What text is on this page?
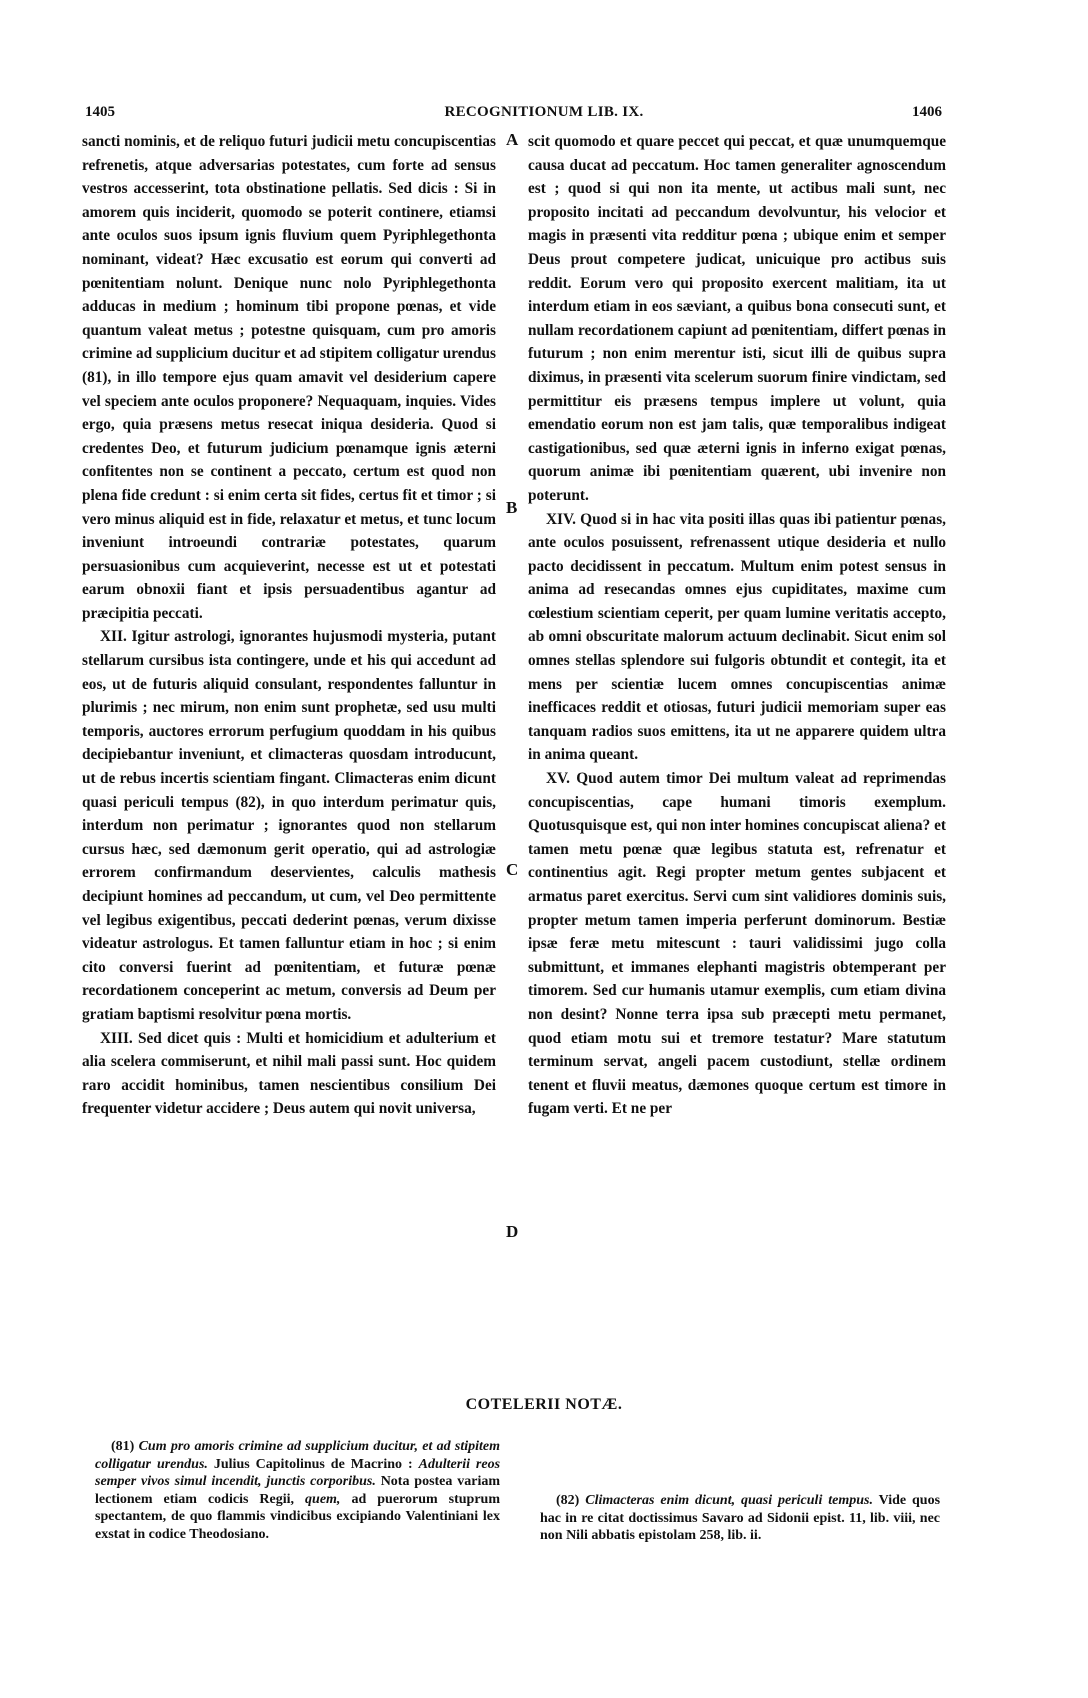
1405	RECOGNITIONUM LIB. IX.	1406

sancti nominis, et de reliquo futuri judicii metu concupiscentias refrenetis, atque adversarias potestates, cum forte ad sensus vestros accesserint, tota obstinatione pellatis. Sed dicis : Si in amorem quis inciderit, quomodo se poterit continere, etiamsi ante oculos suos ipsum ignis fluvium quem Pyriphlegethonta nominant, videat? Hæc excusatio est eorum qui converti ad pœnitentiam nolunt. Denique nunc nolo Pyriphlegethonta adducas in medium ; hominum tibi propone pœnas, et vide quantum valeat metus ; potestne quisquam, cum pro amoris crimine ad supplicium ducitur et ad stipitem colligatur urendus (81), in illo tempore ejus quam amavit vel desiderium capere vel speciem ante oculos proponere? Nequaquam, inquies. Vides ergo, quia præsens metus resecat iniqua desideria. Quod si credentes Deo, et futurum judicium pœnamque ignis æterni confitentes non se continent a peccato, certum est quod non plena fide credunt : si enim certa sit fides, certus fit et timor ; si vero minus aliquid est in fide, relaxatur et metus, et tunc locum inveniunt introeundi contrariæ potestates, quarum persuasionibus cum acquieverint, necesse est ut et potestati earum obnoxii fiant et ipsis persuadentibus agantur ad præcipitia peccati.

XII. Igitur astrologi, ignorantes hujusmodi mysteria, putant stellarum cursibus ista contingere, unde et his qui accedunt ad eos, ut de futuris aliquid consulant, respondentes falluntur in plurimis ; nec mirum, non enim sunt prophetæ, sed usu multi temporis, auctores errorum perfugium quoddam in his quibus decipiebantur inveniunt, et climacteras quosdam introducunt, ut de rebus incertis scientiam fingant. Climacteras enim dicunt quasi periculi tempus (82), in quo interdum perimatur quis, interdum non perimatur ; ignorantes quod non stellarum cursus hæc, sed dæmonum gerit operatio, qui ad astrologiæ errorem confirmandum deservientes, calculis mathesis decipiunt homines ad peccandum, ut cum, vel Deo permittente vel legibus exigentibus, peccati dederint pœnas, verum dixisse videatur astrologus. Et tamen falluntur etiam in hoc ; si enim cito conversi fuerint ad pœnitentiam, et futuræ pœnæ recordationem conceperint ac metum, conversis ad Deum per gratiam baptismi resolvitur pœna mortis.

XIII. Sed dicet quis : Multi et homicidium et adulterium et alia scelera commiserunt, et nihil mali passi sunt. Hoc quidem raro accidit hominibus, tamen nescientibus consilium Dei frequenter videtur accidere ; Deus autem qui novit universa,

A
B
C
D

scit quomodo et quare peccet qui peccat, et quæ unumquemque causa ducat ad peccatum. Hoc tamen generaliter agnoscendum est ; quod si qui non ita mente, ut actibus mali sunt, nec proposito incitati ad peccandum devolvuntur, his velocior et magis in præsenti vita redditur pœna ; ubique enim et semper Deus prout competere judicat, unicuique pro actibus suis reddit. Eorum vero qui proposito exercent malitiam, ita ut interdum etiam in eos sæviant, a quibus bona consecuti sunt, et nullam recordationem capiunt ad pœnitentiam, differt pœnas in futurum ; non enim merentur isti, sicut illi de quibus supra diximus, in præsenti vita scelerum suorum finire vindictam, sed permittitur eis præsens tempus implere ut volunt, quia emendatio eorum non est jam talis, quæ temporalibus indigeat castigationibus, sed quæ æterni ignis in inferno exigat pœnas, quorum animæ ibi pœnitentiam quærent, ubi invenire non poterunt.

XIV. Quod si in hac vita positi illas quas ibi patientur pœnas, ante oculos posuissent, refrenassent utique desideria et nullo pacto decidissent in peccatum. Multum enim potest sensus in anima ad resecandas omnes ejus cupiditates, maxime cum cœlestium scientiam ceperit, per quam lumine veritatis accepto, ab omni obscuritate malorum actuum declinabit. Sicut enim sol omnes stellas splendore sui fulgoris obtundit et contegit, ita et mens per scientiæ lucem omnes concupiscentias animæ inefficaces reddit et otiosas, futuri judicii memoriam super eas tanquam radios suos emittens, ita ut ne apparere quidem ultra in anima queant.

XV. Quod autem timor Dei multum valeat ad reprimendas concupiscentias, cape humani timoris exemplum. Quotusquisque est, qui non inter homines concupiscat aliena? et tamen metu pœnæ quæ legibus statuta est, refrenatur et continentius agit. Regi propter metum gentes subjacent et armatus paret exercitus. Servi cum sint validiores dominis suis, propter metum tamen imperia perferunt dominorum. Bestiæ ipsæ feræ metu mitescunt : tauri validissimi jugo colla submittunt, et immanes elephanti magistris obtemperant per timorem. Sed cur humanis utamur exemplis, cum etiam divina non desint? Nonne terra ipsa sub præcepti metu permanet, quod etiam motu sui et tremore testatur? Mare statutum terminum servat, angeli pacem custodiunt, stellæ ordinem tenent et fluvii meatus, dæmones quoque certum est timore in fugam verti. Et ne per

COTELERII NOTÆ.

(81) Cum pro amoris crimine ad supplicium ducitur, et ad stipitem colligatur urendus. Julius Capitolinus de Macrino : Adulterii reos semper vivos simul incendit, junctis corporibus. Nota postea variam lectionem etiam codicis Regii, quem, ad puerorum stuprum spectantem, de quo flammis vindicibus excipiando Valentiniani lex exstat in codice Theodosiano.

(82) Climacteras enim dicunt, quasi periculi tempus. Vide quos hac in re citat doctissimus Savaro ad Sidonii epist. 11, lib. viii, nec non Nili abbatis epistolam 258, lib. ii.
